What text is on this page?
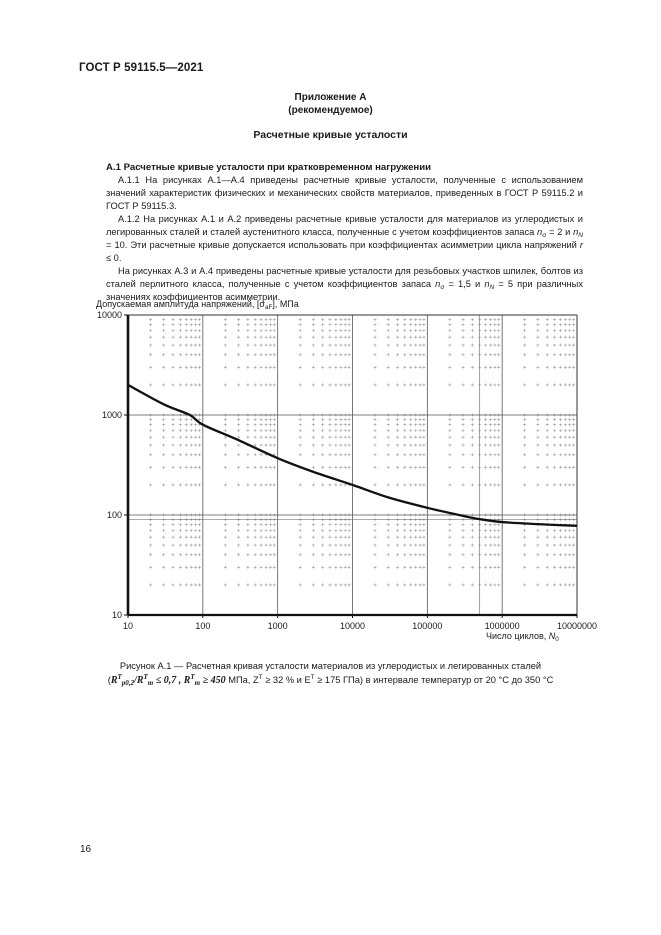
ГОСТ Р 59115.5—2021
Приложение А
(рекомендуемое)
Расчетные кривые усталости
А.1 Расчетные кривые усталости при кратковременном нагружении

А.1.1 На рисунках А.1—А.4 приведены расчетные кривые усталости, полученные с использованием значений характеристик физических и механических свойств материалов, приведенных в ГОСТ Р 59115.2 и ГОСТ Р 59115.3.

А.1.2 На рисунках А.1 и А.2 приведены расчетные кривые усталости для материалов из углеродистых и легированных сталей и сталей аустенитного класса, полученные с учетом коэффициентов запаса $n_\sigma = 2$ и $n_N = 10$. Эти расчетные кривые допускается использовать при коэффициентах асимметрии цикла напряжений r ≤ 0.

На рисунках А.3 и А.4 приведены расчетные кривые усталости для резьбовых участков шпилек, болтов из сталей перлитного класса, полученные с учетом коэффициентов запаса $n_\sigma = 1,5$ и $n_N = 5$ при различных значениях коэффициентов асимметрии.

Допускаемая амплитуда напряжений, $[\sigma_{aF}]$, МПа
10	100	1000	10000	100000	1000000	10000000
10
100
1000
10000
Число циклов, $N_0$
Рисунок А.1 — Расчетная кривая усталости материалов из углеродистых и легированных сталей
($R^T_{p0,2}/R^T_m \le 0,7$ , $R^T_m \ge 450$ МПа, $Z^T \ge 32$ % и $E^T \ge 175$ ГПа) в интервале температур от 20 °C до 350 °C
16
